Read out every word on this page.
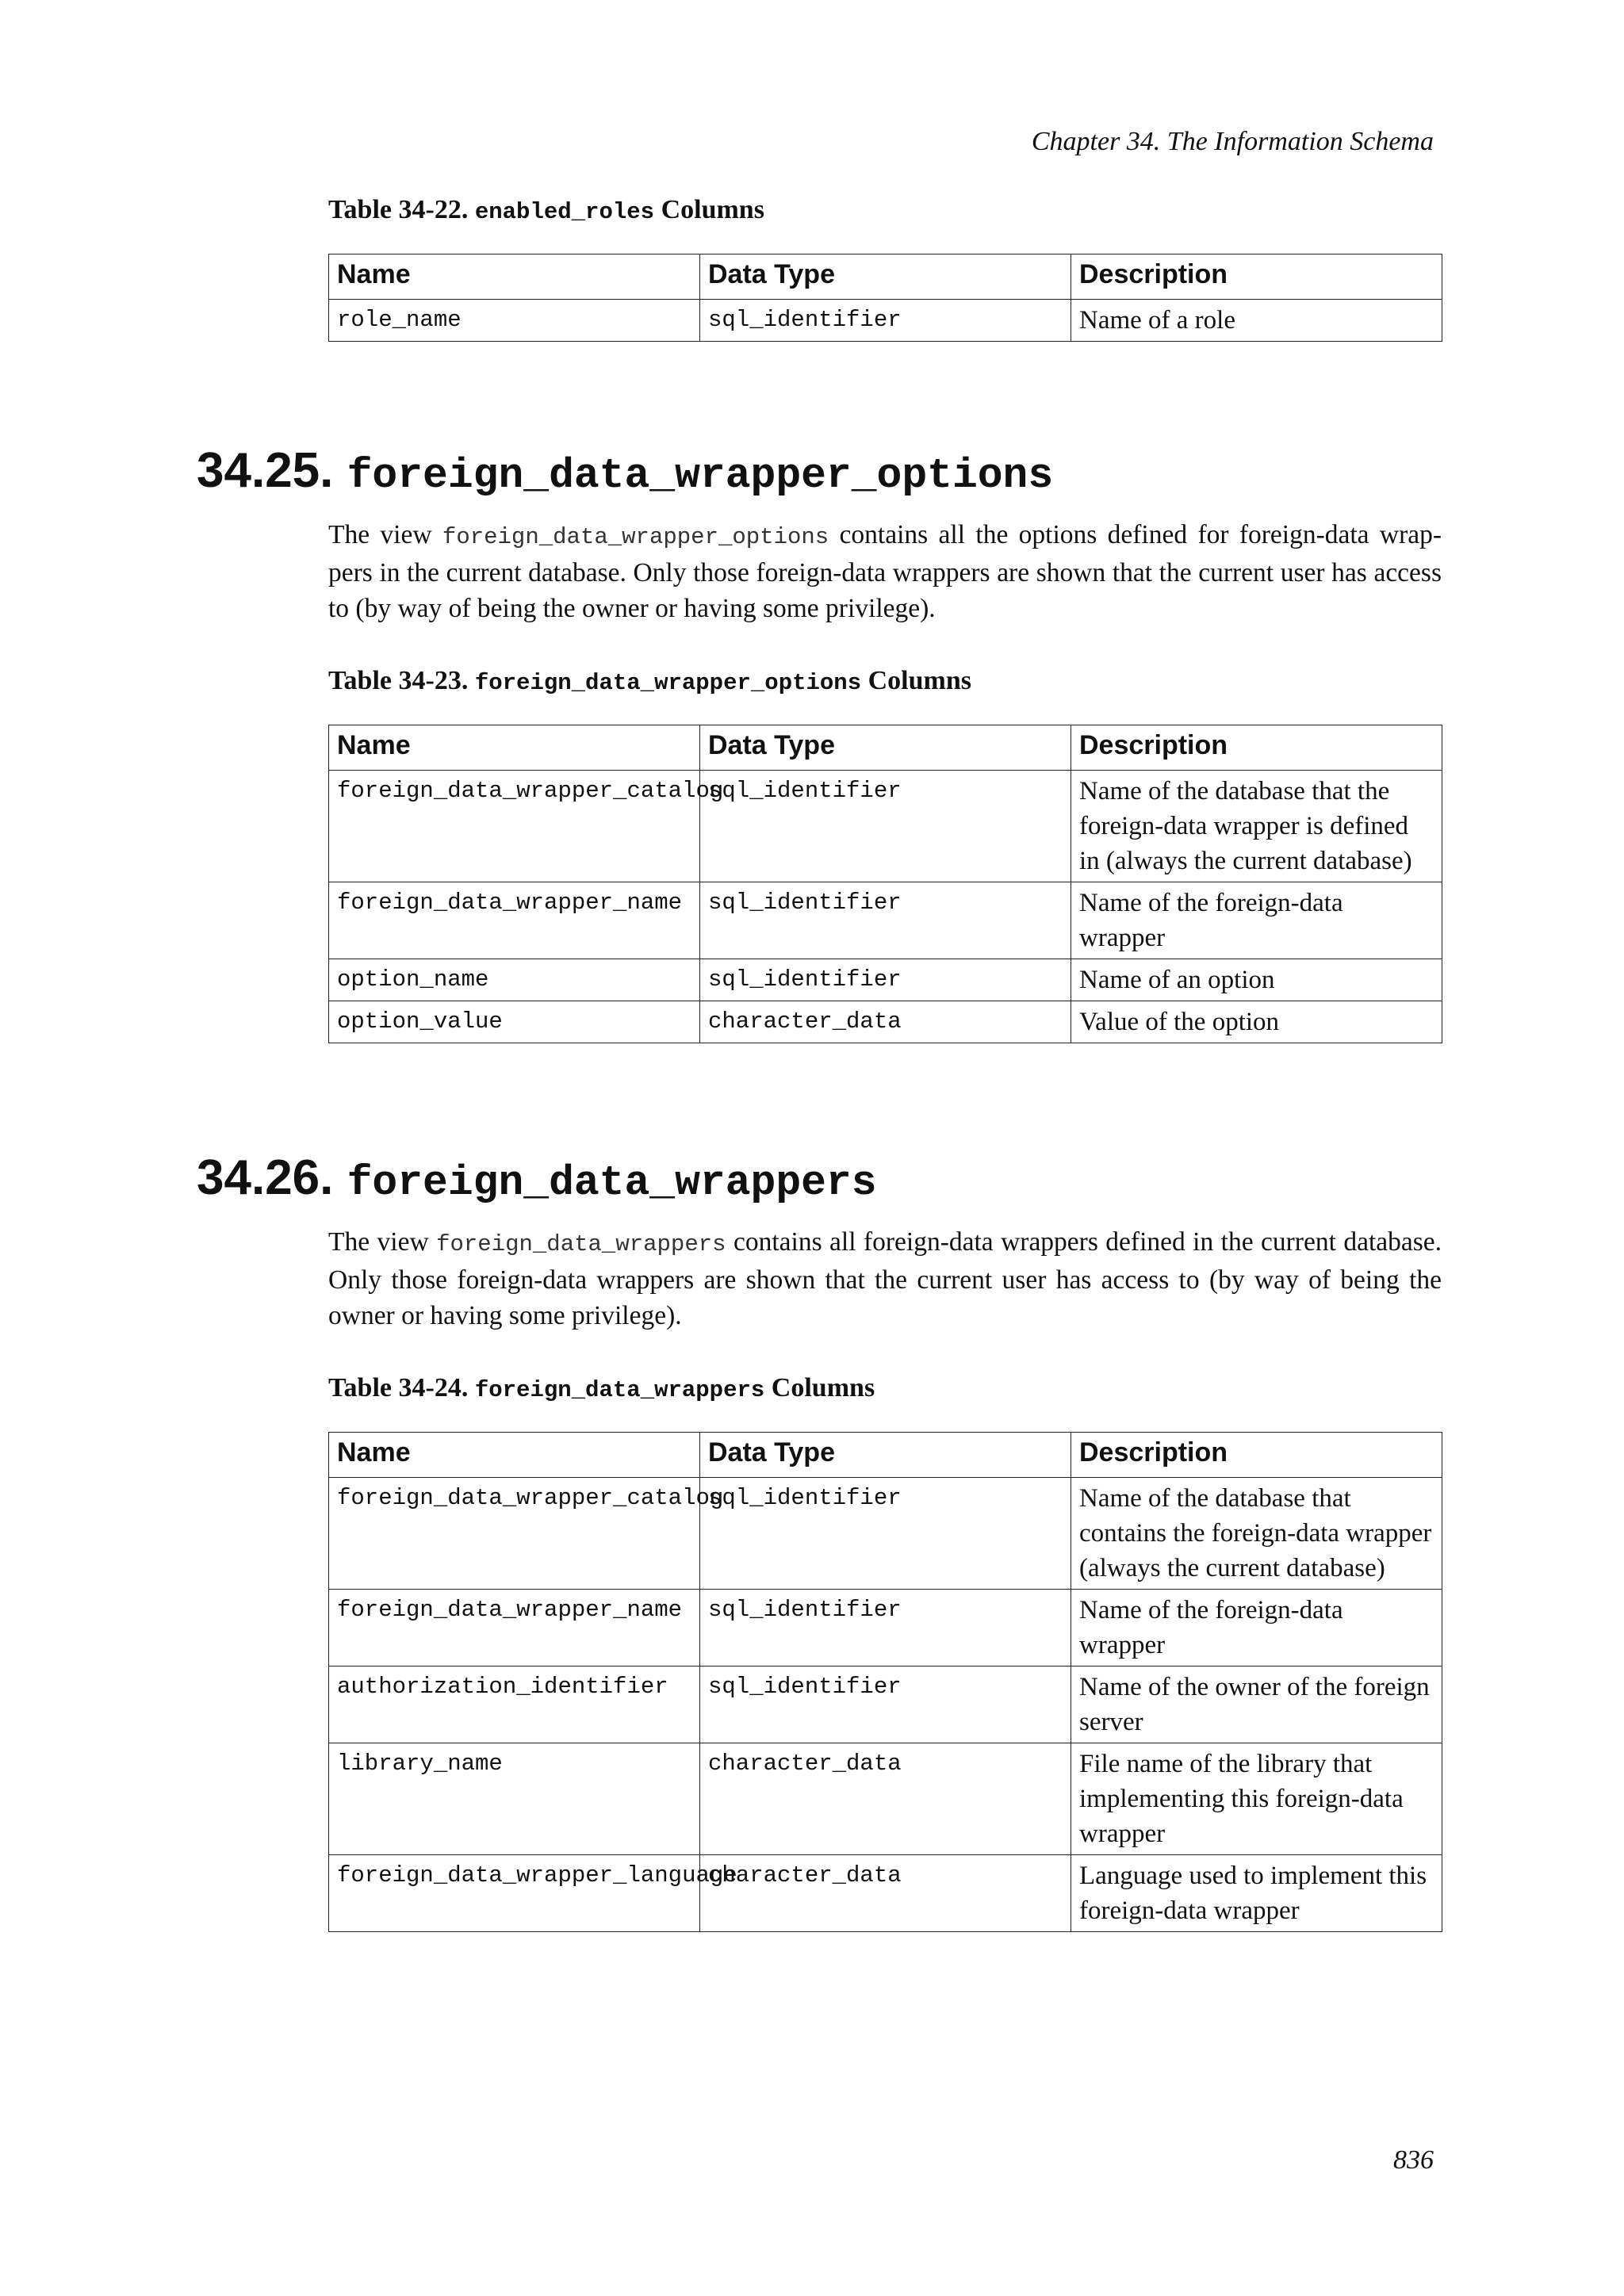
Chapter 34. The Information Schema
Table 34-22. enabled_roles Columns
Name	Data Type	Description
role_name	sql_identifier	Name of a role
34.25. foreign_data_wrapper_options
The view foreign_data_wrapper_options contains all the options defined for foreign-data wrap-pers in the current database. Only those foreign-data wrappers are shown that the current user has access to (by way of being the owner or having some privilege).
Table 34-23. foreign_data_wrapper_options Columns
Name	Data Type	Description
foreign_data_wrapper_catalog	sql_identifier	Name of the database that the foreign-data wrapper is defined in (always the current database)
foreign_data_wrapper_name	sql_identifier	Name of the foreign-data wrapper
option_name	sql_identifier	Name of an option
option_value	character_data	Value of the option
34.26. foreign_data_wrappers
The view foreign_data_wrappers contains all foreign-data wrappers defined in the current database. Only those foreign-data wrappers are shown that the current user has access to (by way of being the owner or having some privilege).
Table 34-24. foreign_data_wrappers Columns
Name	Data Type	Description
foreign_data_wrapper_catalog	sql_identifier	Name of the database that contains the foreign-data wrapper (always the current database)
foreign_data_wrapper_name	sql_identifier	Name of the foreign-data wrapper
authorization_identifier	sql_identifier	Name of the owner of the foreign server
library_name	character_data	File name of the library that implementing this foreign-data wrapper
foreign_data_wrapper_language	character_data	Language used to implement this foreign-data wrapper
836
